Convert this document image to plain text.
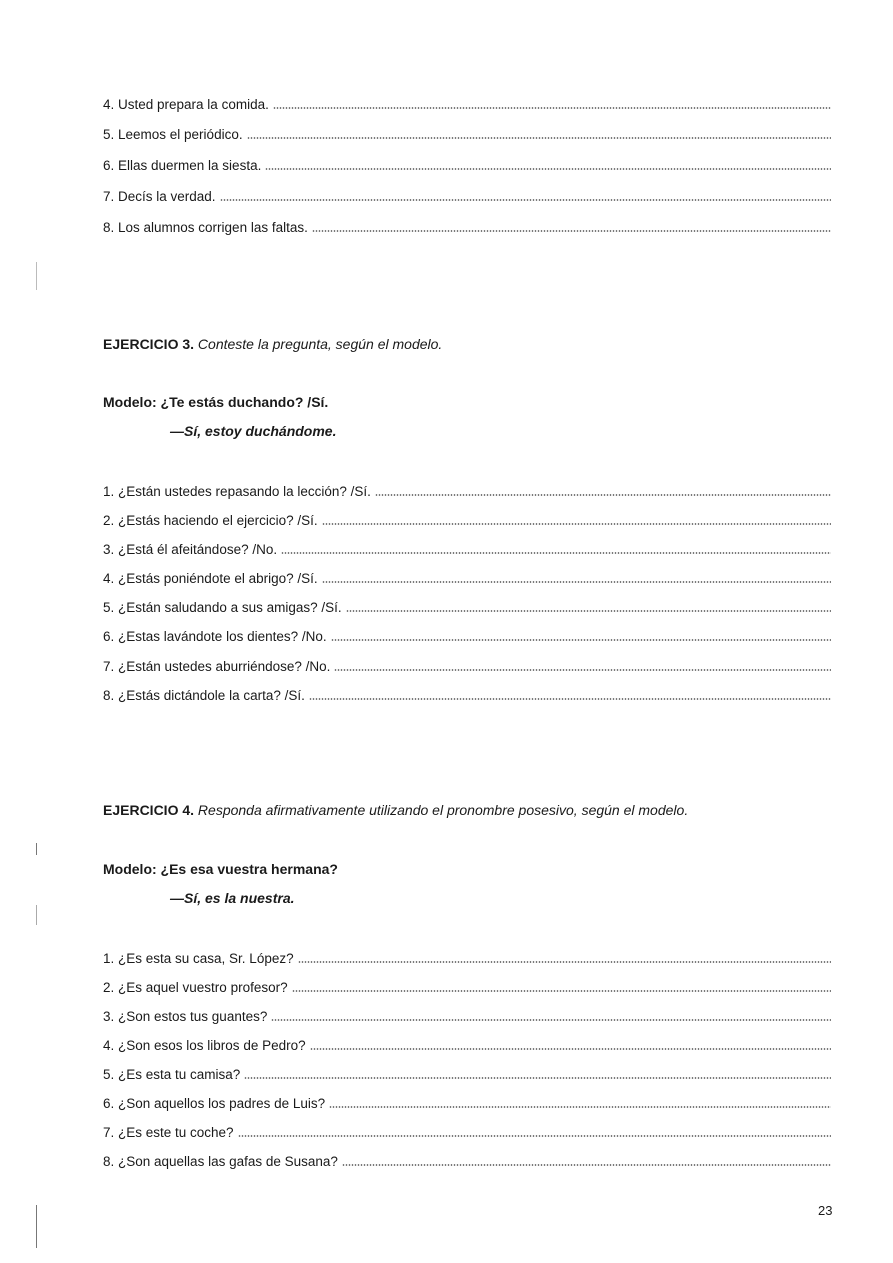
4. Usted prepara la comida.
5. Leemos el periódico.
6. Ellas duermen la siesta.
7. Decís la verdad.
8. Los alumnos corrigen las faltas.
EJERCICIO 3. Conteste la pregunta, según el modelo.
Modelo: ¿Te estás duchando? /Sí.
—Sí, estoy duchándome.
1. ¿Están ustedes repasando la lección? /Sí.
2. ¿Estás haciendo el ejercicio? /Sí.
3. ¿Está él afeitándose? /No.
4. ¿Estás poniéndote el abrigo? /Sí.
5. ¿Están saludando a sus amigas? /Sí.
6. ¿Estas lavándote los dientes? /No.
7. ¿Están ustedes aburriéndose? /No.
8. ¿Estás dictándole la carta? /Sí.
EJERCICIO 4. Responda afirmativamente utilizando el pronombre posesivo, según el modelo.
Modelo: ¿Es esa vuestra hermana?
—Sí, es la nuestra.
1. ¿Es esta su casa, Sr. López?
2. ¿Es aquel vuestro profesor?
3. ¿Son estos tus guantes?
4. ¿Son esos los libros de Pedro?
5. ¿Es esta tu camisa?
6. ¿Son aquellos los padres de Luis?
7. ¿Es este tu coche?
8. ¿Son aquellas las gafas de Susana?
23
